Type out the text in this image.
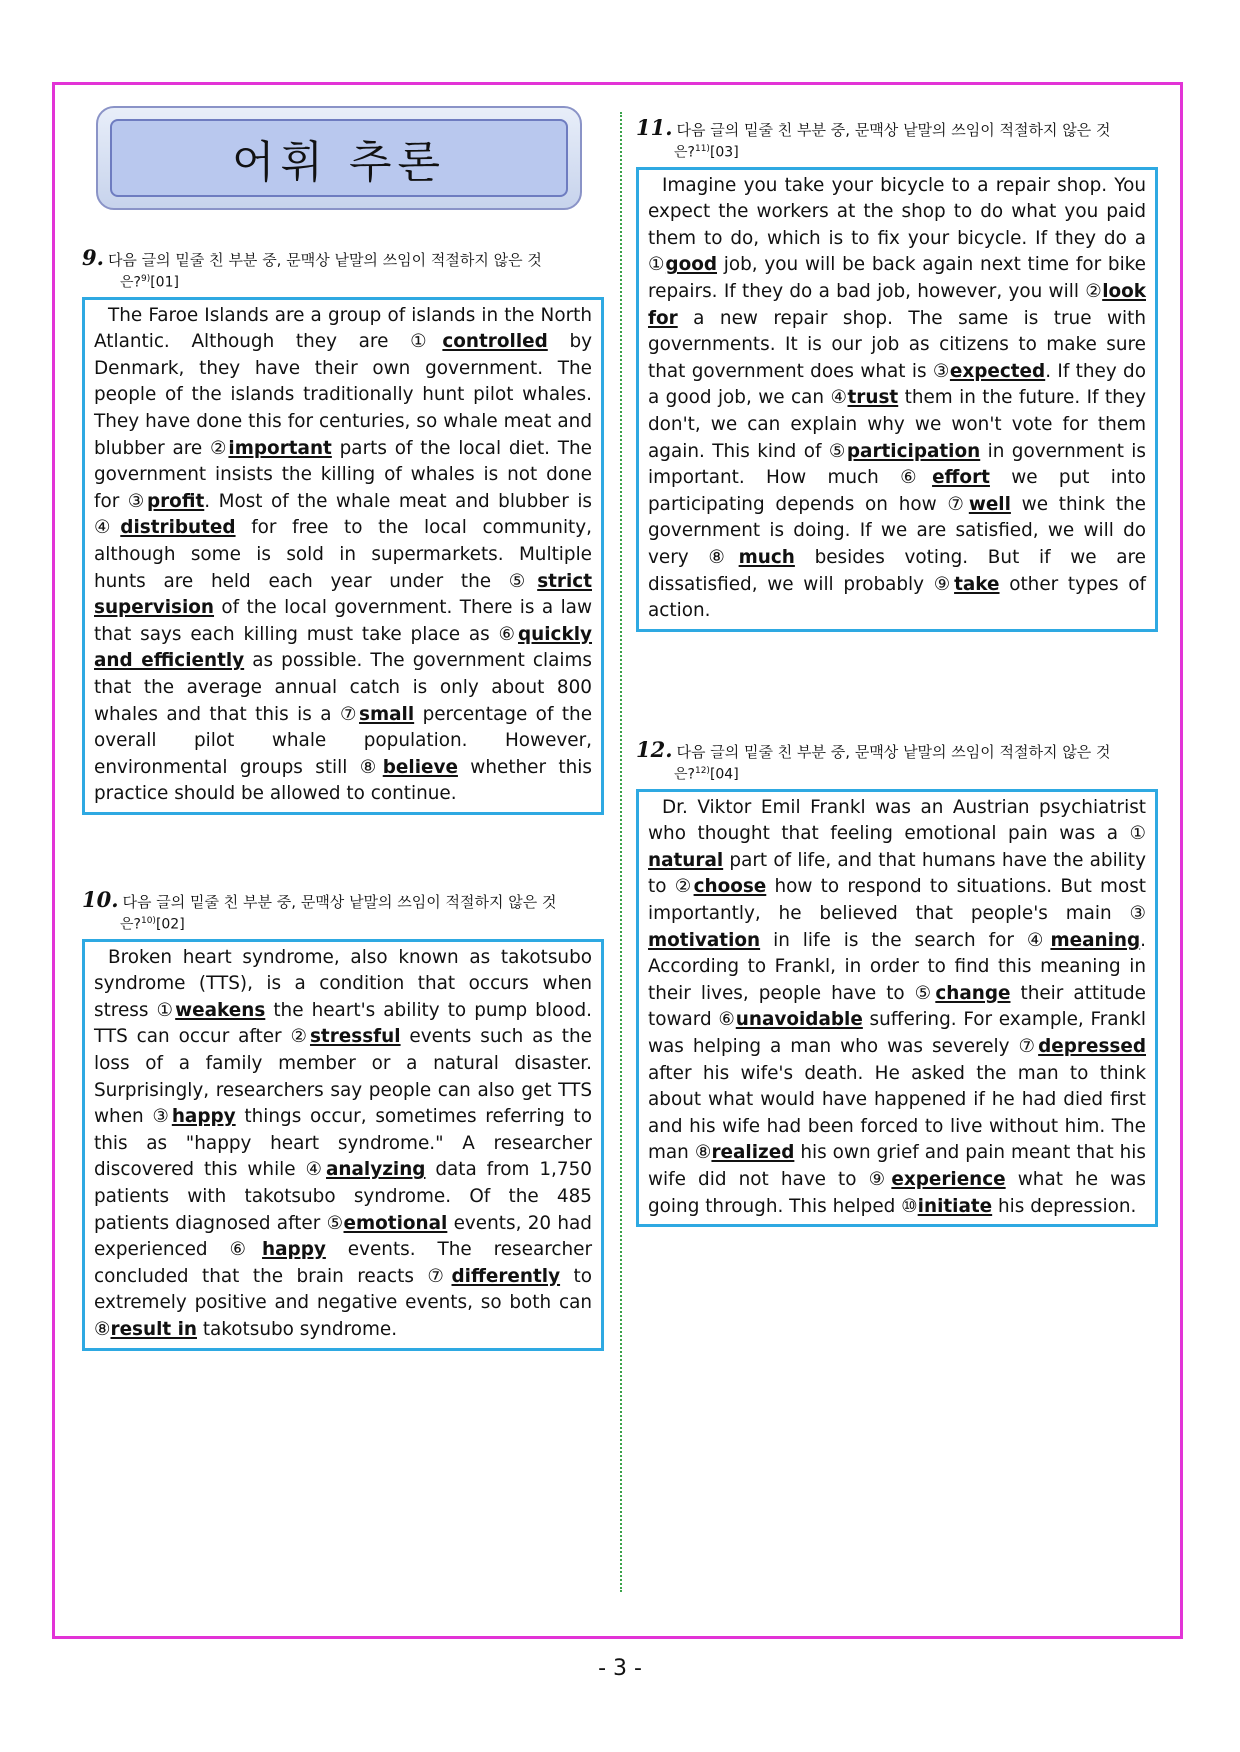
어휘 추론
9. 다음 글의 밑줄 친 부분 중, 문맥상 낱말의 쓰임이 적절하지 않은 것
은?$^{9)}$[01]

The Faroe Islands are a group of islands in the North Atlantic. Although they are ①controlled by Denmark, they have their own government. The people of the islands traditionally hunt pilot whales. They have done this for centuries, so whale meat and blubber are ②important parts of the local diet. The government insists the killing of whales is not done for ③profit. Most of the whale meat and blubber is ④distributed for free to the local community, although some is sold in supermarkets. Multiple hunts are held each year under the ⑤strict supervision of the local government. There is a law that says each killing must take place as ⑥quickly and efficiently as possible. The government claims that the average annual catch is only about 800 whales and that this is a ⑦small percentage of the overall pilot whale population. However, environmental groups still ⑧believe whether this practice should be allowed to continue.

10. 다음 글의 밑줄 친 부분 중, 문맥상 낱말의 쓰임이 적절하지 않은 것
은?$^{10)}$[02]

Broken heart syndrome, also known as takotsubo syndrome (TTS), is a condition that occurs when stress ①weakens the heart's ability to pump blood. TTS can occur after ②stressful events such as the loss of a family member or a natural disaster. Surprisingly, researchers say people can also get TTS when ③happy things occur, sometimes referring to this as "happy heart syndrome." A researcher discovered this while ④analyzing data from 1,750 patients with takotsubo syndrome. Of the 485 patients diagnosed after ⑤emotional events, 20 had experienced ⑥happy events. The researcher concluded that the brain reacts ⑦differently to extremely positive and negative events, so both can ⑧result in takotsubo syndrome.

11. 다음 글의 밑줄 친 부분 중, 문맥상 낱말의 쓰임이 적절하지 않은 것
은?$^{11)}$[03]

Imagine you take your bicycle to a repair shop. You expect the workers at the shop to do what you paid them to do, which is to fix your bicycle. If they do a ①good job, you will be back again next time for bike repairs. If they do a bad job, however, you will ②look for a new repair shop. The same is true with governments. It is our job as citizens to make sure that government does what is ③expected. If they do a good job, we can ④trust them in the future. If they don't, we can explain why we won't vote for them again. This kind of ⑤participation in government is important. How much ⑥effort we put into participating depends on how ⑦well we think the government is doing. If we are satisfied, we will do very ⑧much besides voting. But if we are dissatisfied, we will probably ⑨take other types of action.

12. 다음 글의 밑줄 친 부분 중, 문맥상 낱말의 쓰임이 적절하지 않은 것
은?$^{12)}$[04]

Dr. Viktor Emil Frankl was an Austrian psychiatrist who thought that feeling emotional pain was a ① natural part of life, and that humans have the ability to ②choose how to respond to situations. But most importantly, he believed that people's main ③ motivation in life is the search for ④meaning. According to Frankl, in order to find this meaning in their lives, people have to ⑤change their attitude toward ⑥unavoidable suffering. For example, Frankl was helping a man who was severely ⑦depressed after his wife's death. He asked the man to think about what would have happened if he had died first and his wife had been forced to live without him. The man ⑧realized his own grief and pain meant that his wife did not have to ⑨experience what he was going through. This helped ⑩initiate his depression.

- 3 -
